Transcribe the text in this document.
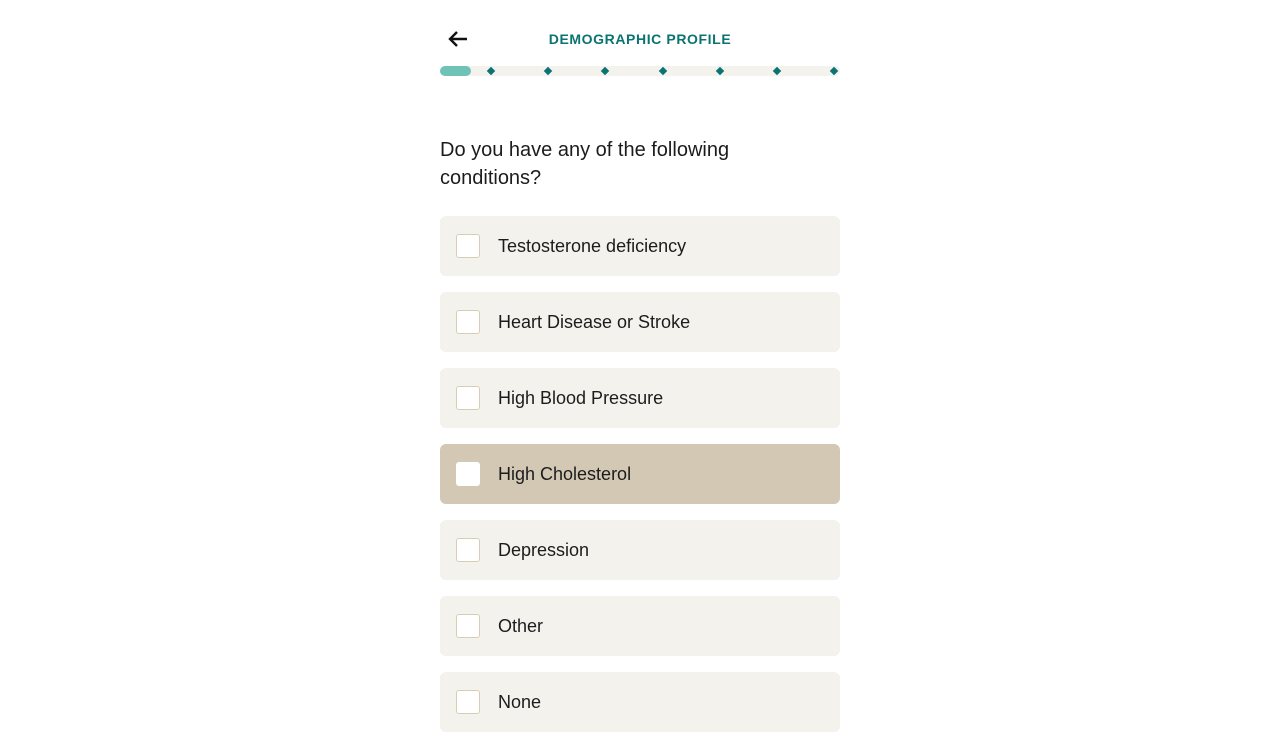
DEMOGRAPHIC PROFILE
Do you have any of the following conditions?
Testosterone deficiency
Heart Disease or Stroke
High Blood Pressure
High Cholesterol
Depression
Other
None
